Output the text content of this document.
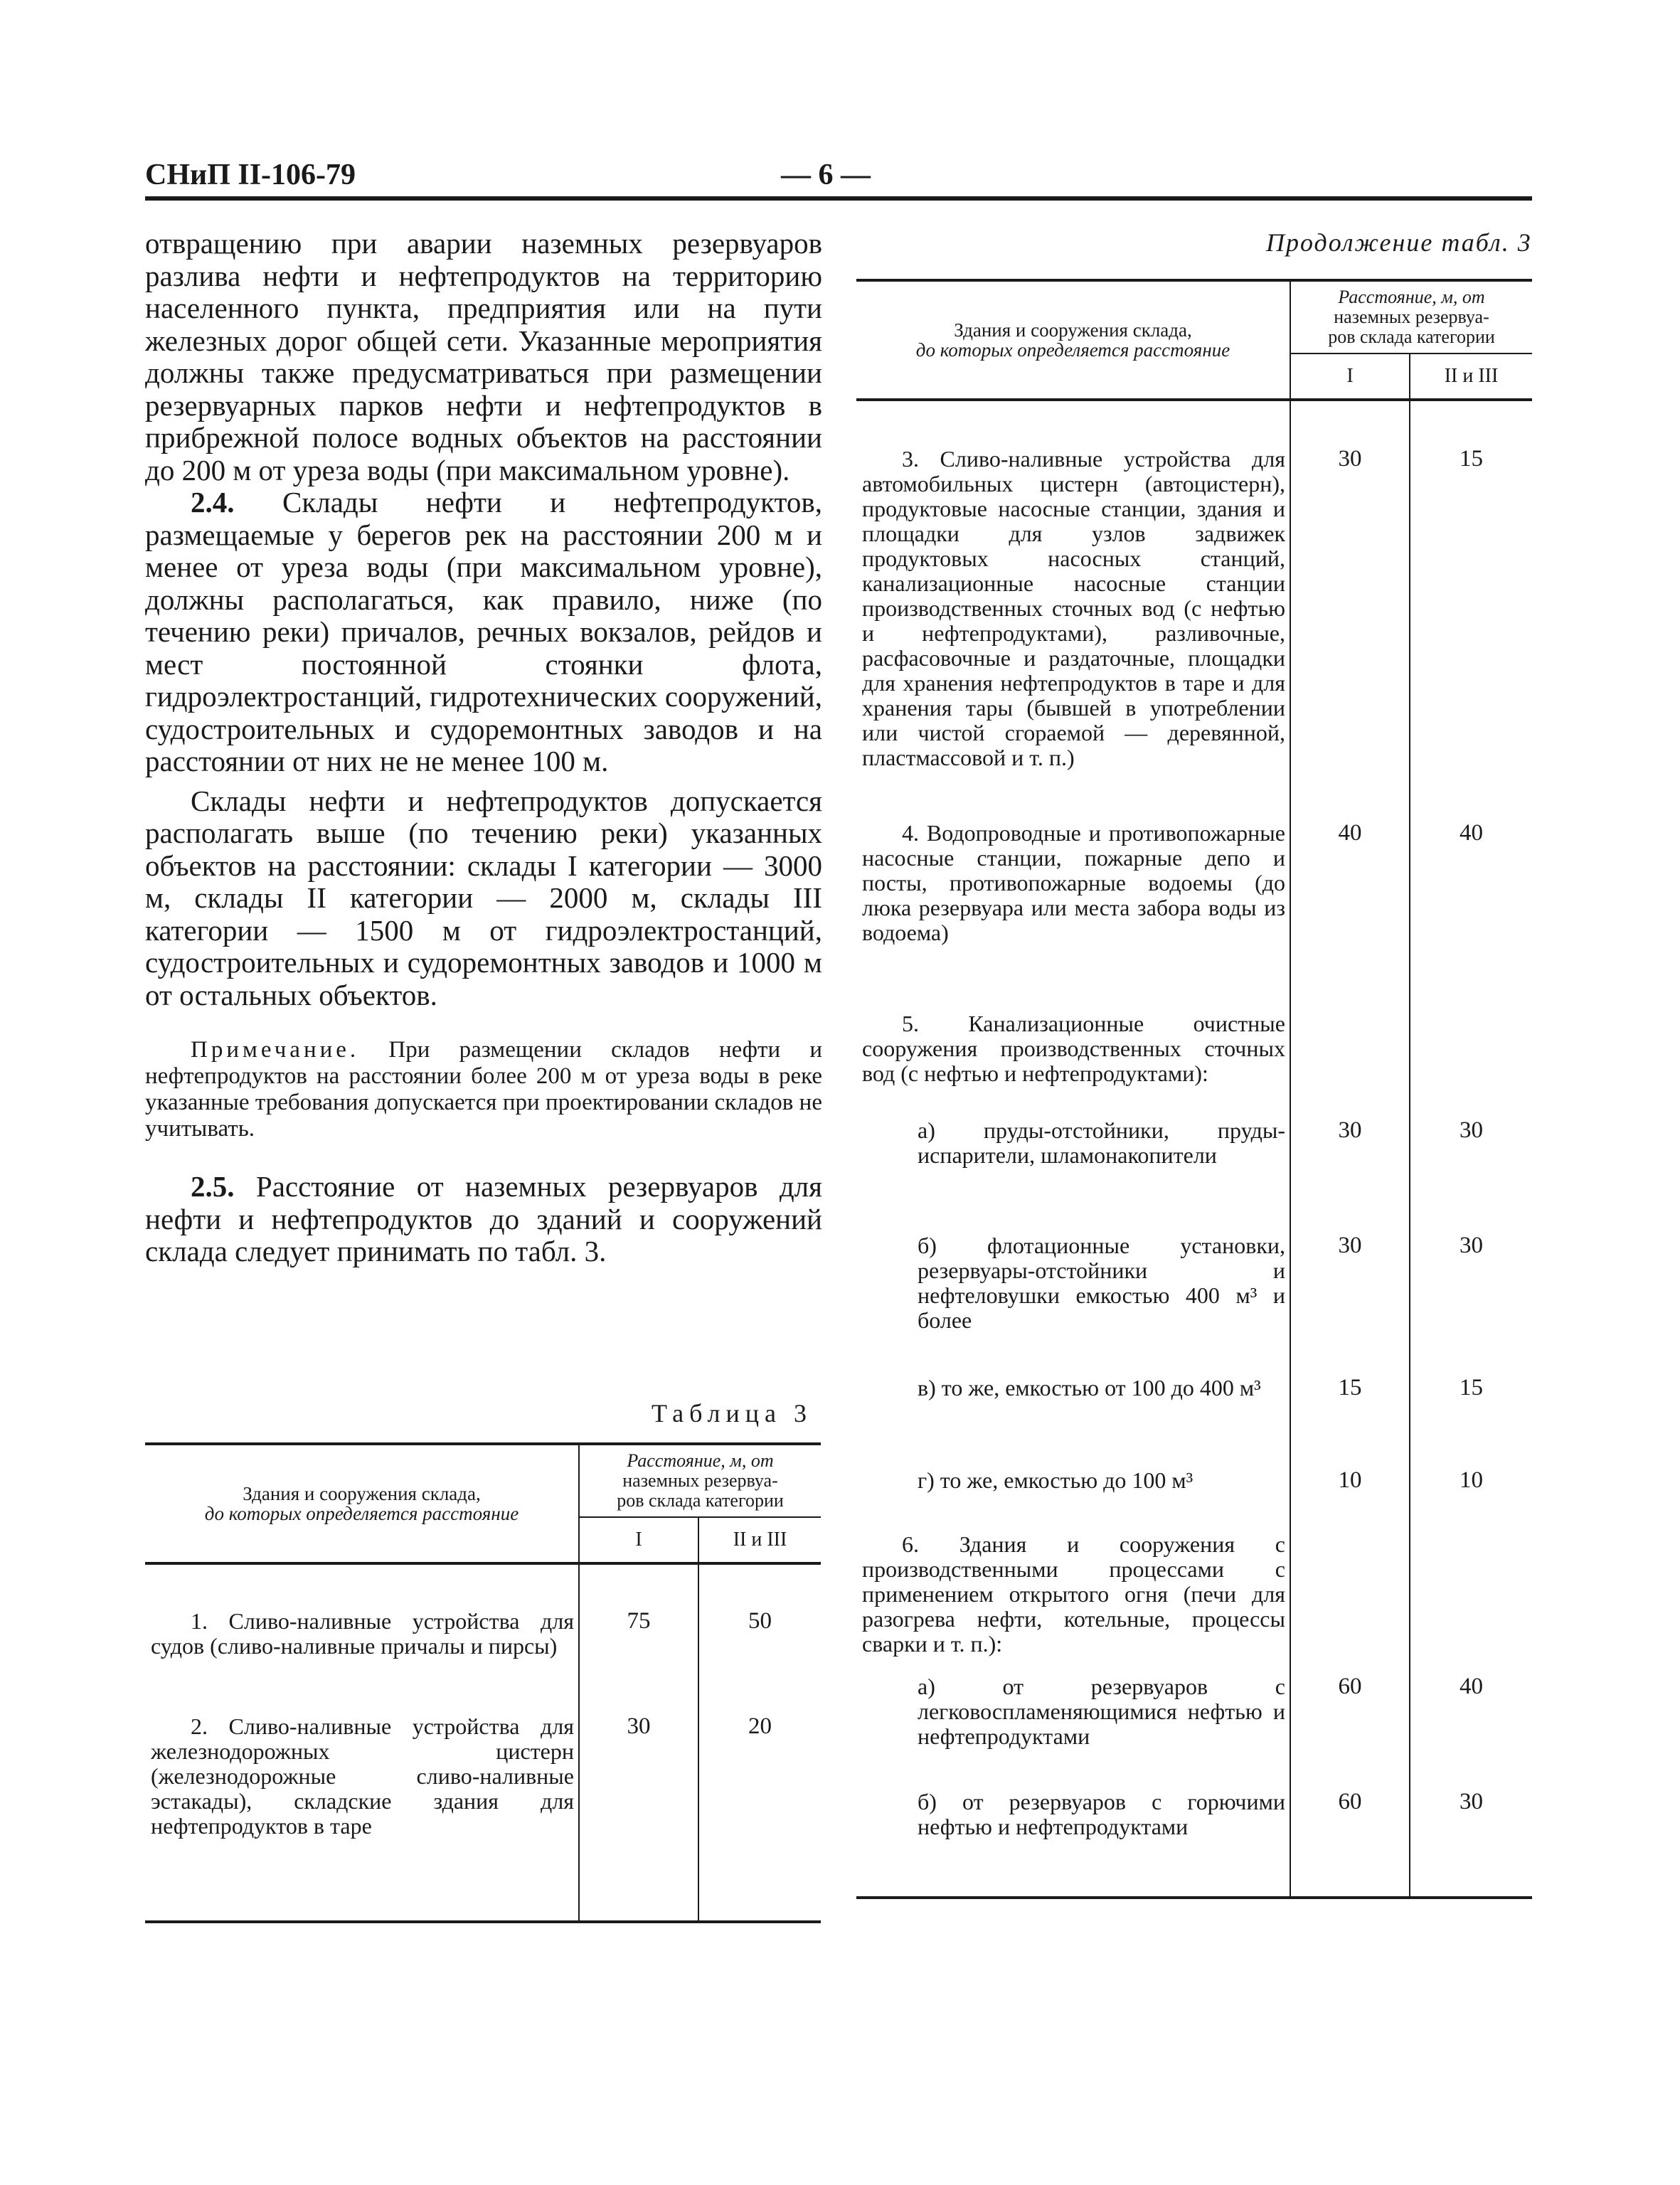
СНиП II-106-79	— 6 —

отвращению при аварии наземных резервуаров разлива нефти и нефтепродуктов на территорию населенного пункта, предприятия или на пути железных дорог общей сети. Указанные мероприятия должны также предусматриваться при размещении резервуарных парков нефти и нефтепродуктов в прибрежной полосе водных объектов на расстоянии до 200 м от уреза воды (при максимальном уровне).

2.4. Склады нефти и нефтепродуктов, размещаемые у берегов рек на расстоянии 200 м и менее от уреза воды (при максимальном уровне), должны располагаться, как правило, ниже (по течению реки) причалов, речных вокзалов, рейдов и мест постоянной стоянки флота, гидроэлектростанций, гидротехнических сооружений, судостроительных и судоремонтных заводов и на расстоянии от них не не менее 100 м.

Склады нефти и нефтепродуктов допускается располагать выше (по течению реки) указанных объектов на расстоянии: склады I категории — 3000 м, склады II категории — 2000 м, склады III категории — 1500 м от гидроэлектростанций, судостроительных и судоремонтных заводов и 1000 м от остальных объектов.

Примечание. При размещении складов нефти и нефтепродуктов на расстоянии более 200 м от уреза воды в реке указанные требования допускается при проектировании складов не учитывать.

2.5. Расстояние от наземных резервуаров для нефти и нефтепродуктов до зданий и сооружений склада следует принимать по табл. 3.

Таблица 3
Здания и сооружения склада,
до которых определяется расстояние	Расстояние, м, от
наземных резервуа-
ров склада категории	
	I	II и III

1. Сливо-наливные устройства для судов (сливо-наливные причалы и пирсы)	75	50

2. Сливо-наливные устройства для железнодорожных цистерн (железнодорожные сливо-наливные эстакады), складские здания для нефтепродуктов в таре	30	20
Продолжение табл. 3
Здания и сооружения склада,
до которых определяется расстояние	Расстояние, м, от
наземных резервуа-
ров склада категории	
	I	II и III

3. Сливо-наливные устройства для автомобильных цистерн (автоцистерн), продуктовые насосные станции, здания и площадки для узлов задвижек продуктовых насосных станций, канализационные насосные станции производственных сточных вод (с нефтью и нефтепродуктами), разливочные, расфасовочные и раздаточные, площадки для хранения нефтепродуктов в таре и для хранения тары (бывшей в употреблении или чистой сгораемой — деревянной, пластмассовой и т. п.)	30	15

4. Водопроводные и противопожарные насосные станции, пожарные депо и посты, противопожарные водоемы (до люка резервуара или места забора воды из водоема)	40	40

5. Канализационные очистные сооружения производственных сточных вод (с нефтью и нефтепродуктами):		

а) пруды-отстойники, пруды-испарители, шламонакопители	30	30
б) флотационные установки, резервуары-отстойники и нефтеловушки емкостью 400 м³ и более	30	30
в) то же, емкостью от 100 до 400 м³	15	15
г) то же, емкостью до 100 м³	10	10

6. Здания и сооружения с производственными процессами с применением открытого огня (печи для разогрева нефти, котельные, процессы сварки и т. п.):		

а) от резервуаров с легковоспламеняющимися нефтью и нефтепродуктами	60	40
б) от резервуаров с горючими нефтью и нефтепродуктами	60	30
